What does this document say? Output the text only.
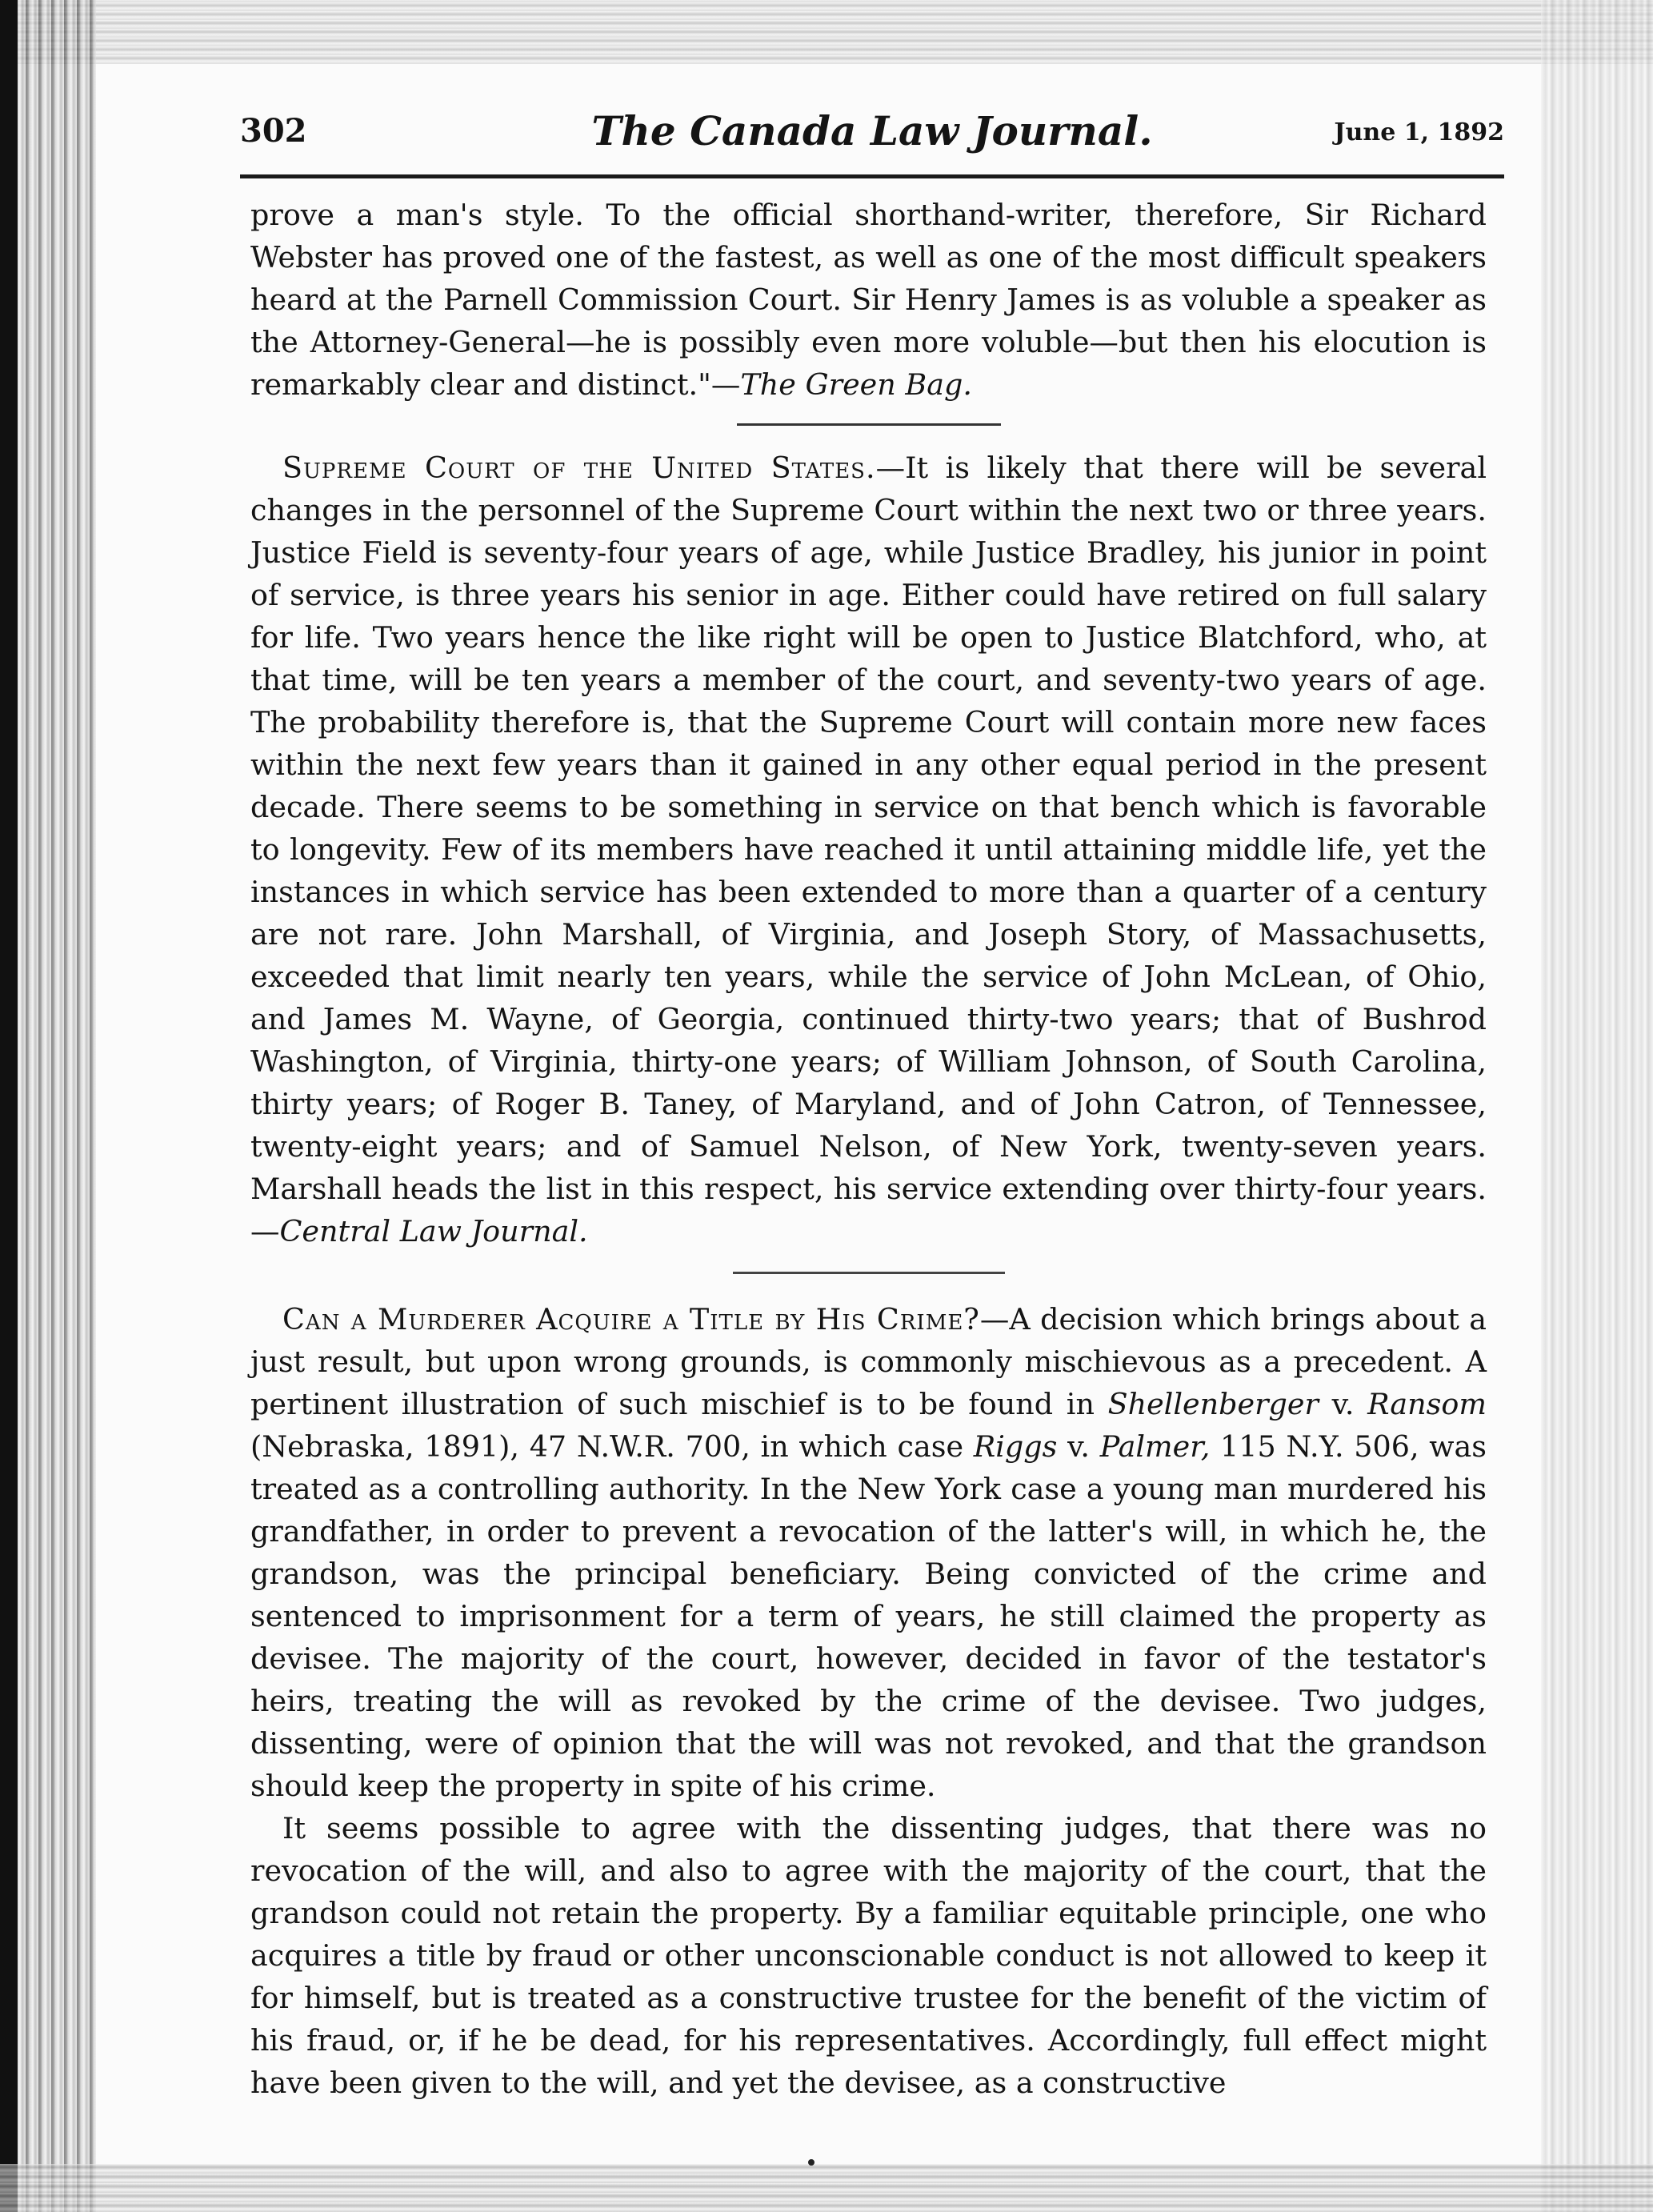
302	The Canada Law Journal.	June 1, 1892

prove a man's style. To the official shorthand-writer, therefore, Sir Richard Webster has proved one of the fastest, as well as one of the most difficult speakers heard at the Parnell Commission Court. Sir Henry James is as voluble a speaker as the Attorney-General—he is possibly even more voluble—but then his elocution is remarkably clear and distinct."—The Green Bag.

Supreme Court of the United States.—It is likely that there will be several changes in the personnel of the Supreme Court within the next two or three years. Justice Field is seventy-four years of age, while Justice Bradley, his junior in point of service, is three years his senior in age. Either could have retired on full salary for life. Two years hence the like right will be open to Justice Blatchford, who, at that time, will be ten years a member of the court, and seventy-two years of age. The probability therefore is, that the Supreme Court will contain more new faces within the next few years than it gained in any other equal period in the present decade. There seems to be something in service on that bench which is favorable to longevity. Few of its members have reached it until attaining middle life, yet the instances in which service has been extended to more than a quarter of a century are not rare. John Marshall, of Virginia, and Joseph Story, of Massachusetts, exceeded that limit nearly ten years, while the service of John McLean, of Ohio, and James M. Wayne, of Georgia, continued thirty-two years; that of Bushrod Washington, of Virginia, thirty-one years; of William Johnson, of South Carolina, thirty years; of Roger B. Taney, of Maryland, and of John Catron, of Tennessee, twenty-eight years; and of Samuel Nelson, of New York, twenty-seven years. Marshall heads the list in this respect, his service extending over thirty-four years.—Central Law Journal.

Can a Murderer Acquire a Title by His Crime?—A decision which brings about a just result, but upon wrong grounds, is commonly mischievous as a precedent. A pertinent illustration of such mischief is to be found in Shellenberger v. Ransom (Nebraska, 1891), 47 N.W.R. 700, in which case Riggs v. Palmer, 115 N.Y. 506, was treated as a controlling authority. In the New York case a young man murdered his grandfather, in order to prevent a revocation of the latter's will, in which he, the grandson, was the principal beneficiary. Being convicted of the crime and sentenced to imprisonment for a term of years, he still claimed the property as devisee. The majority of the court, however, decided in favor of the testator's heirs, treating the will as revoked by the crime of the devisee. Two judges, dissenting, were of opinion that the will was not revoked, and that the grandson should keep the property in spite of his crime.

It seems possible to agree with the dissenting judges, that there was no revocation of the will, and also to agree with the majority of the court, that the grandson could not retain the property. By a familiar equitable principle, one who acquires a title by fraud or other unconscionable conduct is not allowed to keep it for himself, but is treated as a constructive trustee for the benefit of the victim of his fraud, or, if he be dead, for his representatives. Accordingly, full effect might have been given to the will, and yet the devisee, as a constructive
